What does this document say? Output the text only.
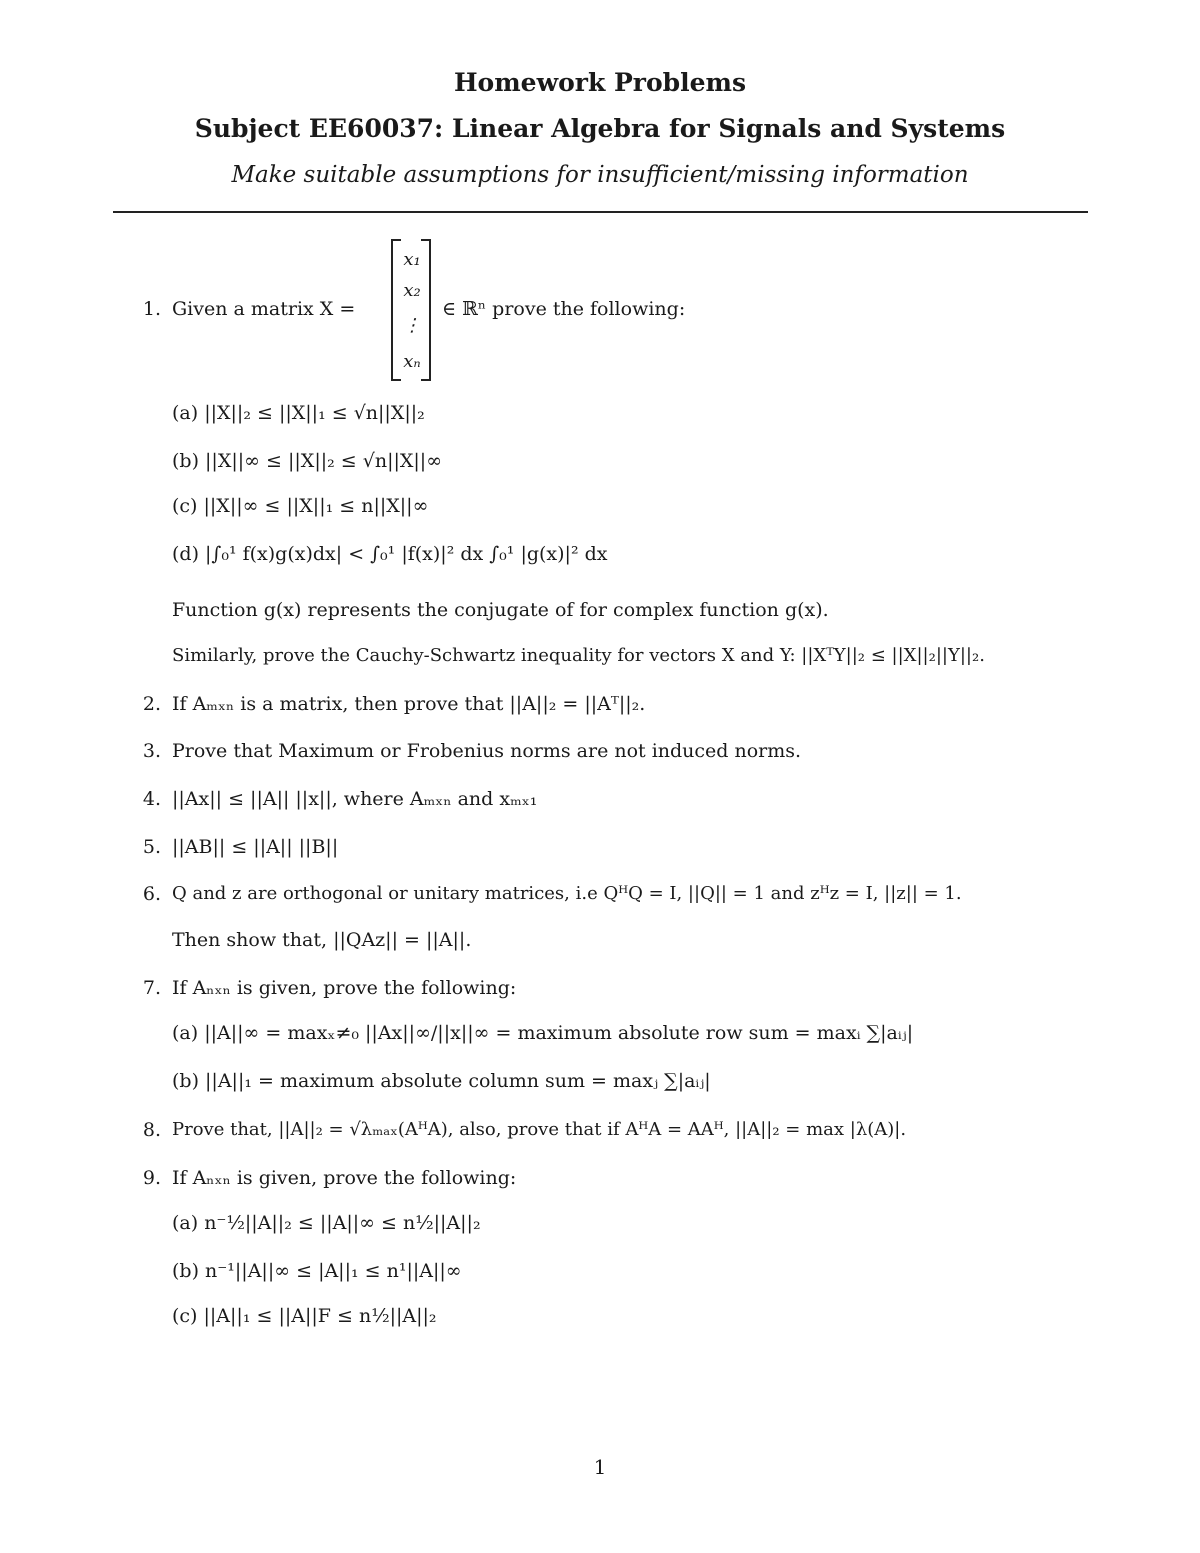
Homework Problems
Subject EE60037: Linear Algebra for Signals and Systems
Make suitable assumptions for insufficient/missing information
1. Given a matrix X =	∈ ℝⁿ prove the following:
x₁
x₂
⋮
xₙ
(a) ||X||₂ ≤ ||X||₁ ≤ √n||X||₂
(b) ||X||∞ ≤ ||X||₂ ≤ √n||X||∞
(c) ||X||∞ ≤ ||X||₁ ≤ n||X||∞
(d) |∫₀¹ f(x)g(x)dx| < ∫₀¹ |f(x)|² dx ∫₀¹ |g(x)|² dx
Function g(x) represents the conjugate of for complex function g(x).
Similarly, prove the Cauchy-Schwartz inequality for vectors X and Y: ||XᵀY||₂ ≤ ||X||₂||Y||₂.
2. If Aₘₓₙ is a matrix, then prove that ||A||₂ = ||Aᵀ||₂.
3. Prove that Maximum or Frobenius norms are not induced norms.
4. ||Ax|| ≤ ||A|| ||x||, where Aₘₓₙ and xₘₓ₁
5. ||AB|| ≤ ||A|| ||B||
6. Q and z are orthogonal or unitary matrices, i.e QᴴQ = I, ||Q|| = 1 and zᴴz = I, ||z|| = 1.
Then show that, ||QAz|| = ||A||.
7. If Aₙₓₙ is given, prove the following:
(a) ||A||∞ = maxₓ≠₀ ||Ax||∞/||x||∞ = maximum absolute row sum = maxᵢ ∑|aᵢⱼ|
(b) ||A||₁ = maximum absolute column sum = maxⱼ ∑|aᵢⱼ|
8. Prove that, ||A||₂ = √λₘₐₓ(AᴴA), also, prove that if AᴴA = AAᴴ, ||A||₂ = max |λ(A)|.
9. If Aₙₓₙ is given, prove the following:
(a) n⁻½||A||₂ ≤ ||A||∞ ≤ n½||A||₂
(b) n⁻¹||A||∞ ≤ |A||₁ ≤ n¹||A||∞
(c) ||A||₁ ≤ ||A||F ≤ n½||A||₂
1
